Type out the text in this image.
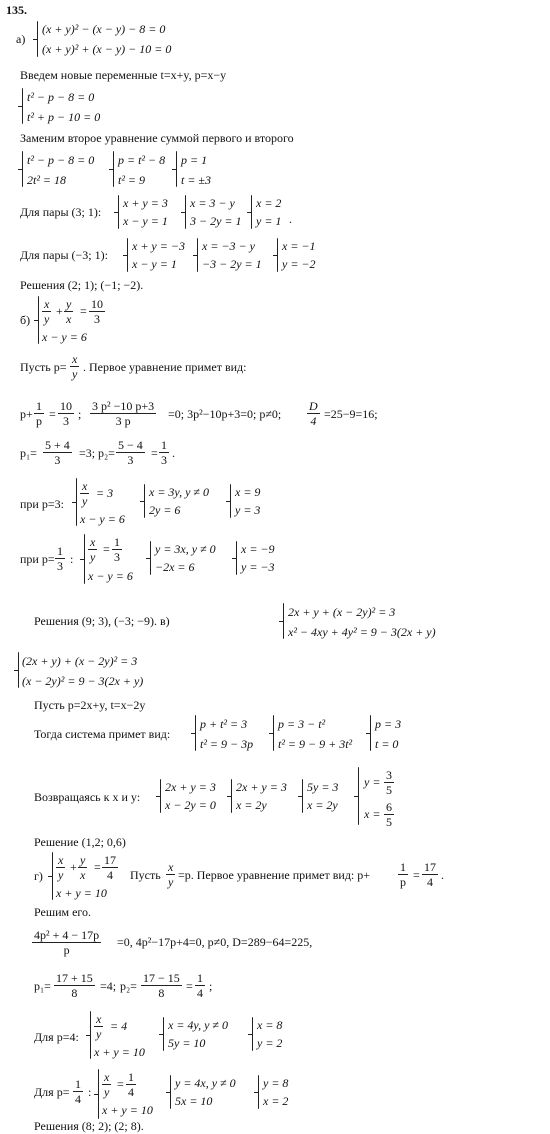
135.
а)
(x + y)² − (x − y) − 8 = 0
(x + y)² + (x − y) − 10 = 0
Введем новые переменные t=x+y, p=x−y
t² − p − 8 = 0
t² + p − 10 = 0
Заменим второе уравнение суммой первого и второго
t² − p − 8 = 0
2t² = 18
p = t² − 8
t² = 9
p = 1
t = ±3
Для пары (3; 1):
x + y = 3
x − y = 1
x = 3 − y
3 − 2y = 1
x = 2
y = 1 .
Для пары (−3; 1):
x + y = −3
x − y = 1
x = −3 − y
−3 − 2y = 1
x = −1
y = −2
Решения (2; 1); (−1; −2).
б)
x
y
+ y
x
= 10
3
x − y = 6
Пусть p=
x
y . Первое уравнение примет вид:
p+
1
p =
10
3 ;
3 p² −10 p+3
3 p	=0; 3p²−10p+3=0; p≠0;
D
4 =25−9=16;
p₁=
5 + 4
3	=3; p₂=
5 − 4
3	=
1
3 .
при p=3:
x
y
= 3
x − y = 6
x = 3y, y ≠ 0
2y = 6
x = 9
y = 3
при p=
1
3 :
x
y
= 1
3
x − y = 6
y = 3x, y ≠ 0
−2x = 6
x = −9
y = −3
Решения (9; 3), (−3; −9). в)
2x + y + (x − 2y)² = 3
x² − 4xy + 4y² = 9 − 3(2x + y)
(2x + y) + (x − 2y)² = 3
(x − 2y)² = 9 − 3(2x + y)
Пусть p=2x+y, t=x−2y
Тогда система примет вид:
p + t² = 3
t² = 9 − 3p
p = 3 − t²
t² = 9 − 9 + 3t²
p = 3
t = 0
Возвращаясь к x и y:
2x + y = 3
x − 2y = 0
2x + y = 3
x = 2y
5y = 3
x = 2y
y = 3
5
x = 6
5
Решение (1,2; 0,6)
г)
x
y
+ y
x
= 17
4
x + y = 10
Пусть
x
y =p. Первое уравнение примет вид: p+
1
p =
17
4 .
Решим его.
4p² + 4 − 17p
p
=0, 4p²−17p+4=0, p≠0, D=289−64=225,
p₁=
17 + 15
8	=4; p₂=
17 − 15
8	=
1
4 ;
Для p=4:
x
y
= 4
x + y = 10
x = 4y, y ≠ 0
5y = 10
x = 8
y = 2
Для p=
1
4 :
x
y
= 1
4
x + y = 10
y = 4x, y ≠ 0
5x = 10
y = 8
x = 2
Решения (8; 2); (2; 8).
